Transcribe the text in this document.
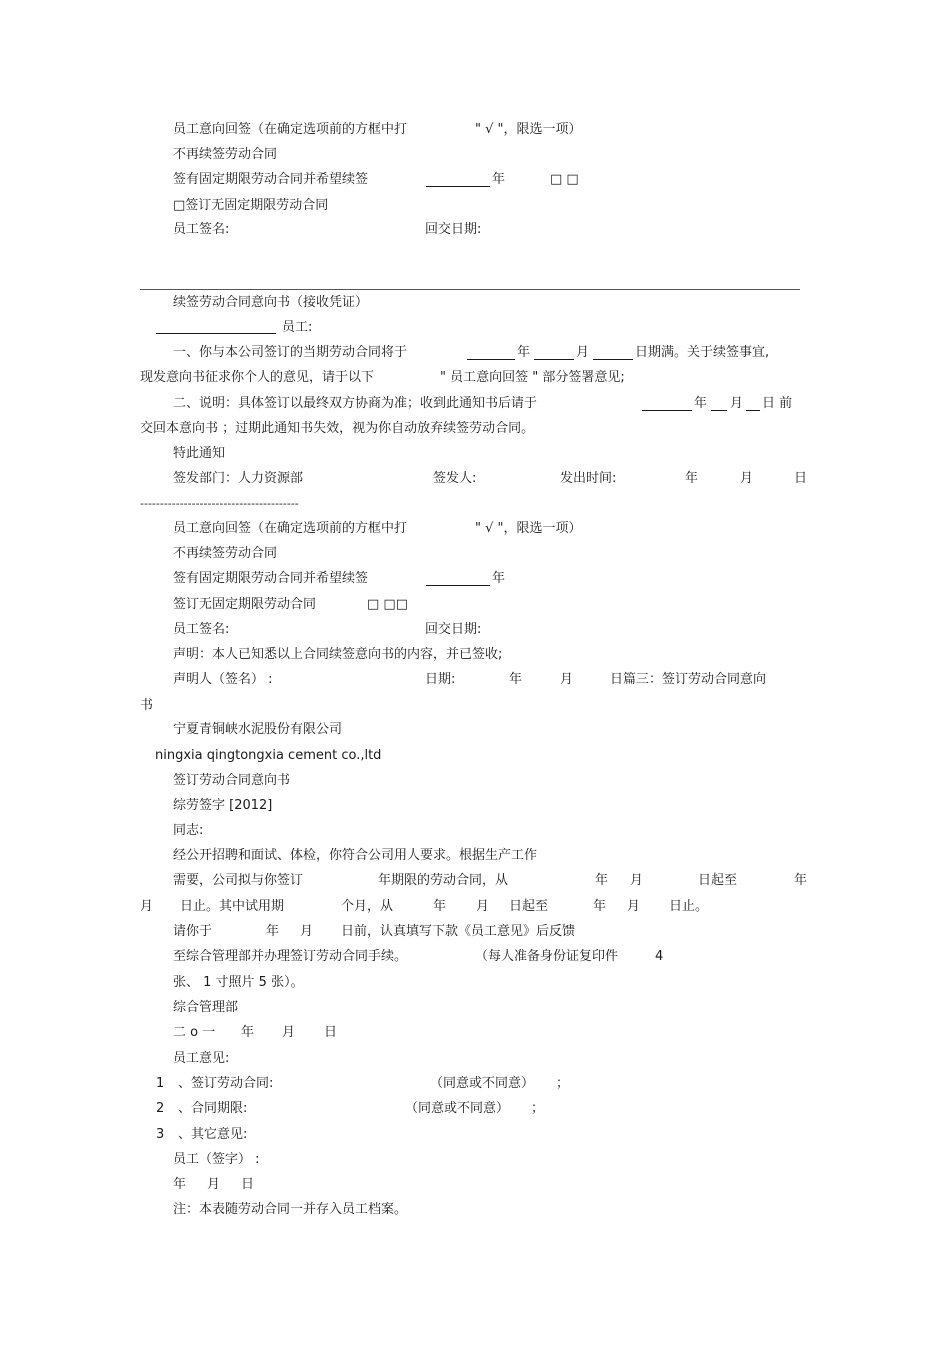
员工意向回签（在确定选项前的方框中打	" √ "，限选一项）
不再续签劳动合同
签有固定期限劳动合同并希望续签	年	□ □
□签订无固定期限劳动合同
员工签名:	回交日期:
续签劳动合同意向书（接收凭证）
员工:
一、你与本公司签订的当期劳动合同将于	年	月	日期满。关于续签事宜,
现发意向书征求你个人的意见，请于以下	" 员工意向回签 " 部分签署意见;
二、说明：具体签订以最终双方协商为准；收到此通知书后请于	年 月 日 前
交回本意向书 ；过期此通知书失效，视为你自动放弃续签劳动合同。
特此通知
签发部门：人力资源部	签发人:	发出时间:	年	月	日
----------------------------------------
员工意向回签（在确定选项前的方框中打	" √ "，限选一项）
不再续签劳动合同
签有固定期限劳动合同并希望续签	年
签订无固定期限劳动合同	□ □□
员工签名:	回交日期:
声明：本人已知悉以上合同续签意向书的内容，并已签收;
声明人（签名） :	日期:	年	月	日篇三：签订劳动合同意向
书
宁夏青铜峡水泥股份有限公司
ningxia qingtongxia cement co.,ltd
签订劳动合同意向书
综劳签字 [2012]
同志:
经公开招聘和面试、体检，你符合公司用人要求。根据生产工作
需要，公司拟与你签订	年期限的劳动合同，从	年 月	日起至	年
月 日止。其中试用期	个月，从	年 月 日起至	年 月 日止。
请你于	年 月 日前，认真填写下款《员工意见》后反馈
至综合管理部并办理签订劳动合同手续。	（每人准备身份证复印件	4
张、 1 寸照片 5 张）。
综合管理部
二 o 一 年 月 日
员工意见:
1 、签订劳动合同:	（同意或不同意） ；
2 、合同期限:	（同意或不同意） ；
3 、其它意见:
员工（签字） :
年 月 日
注：本表随劳动合同一并存入员工档案。
